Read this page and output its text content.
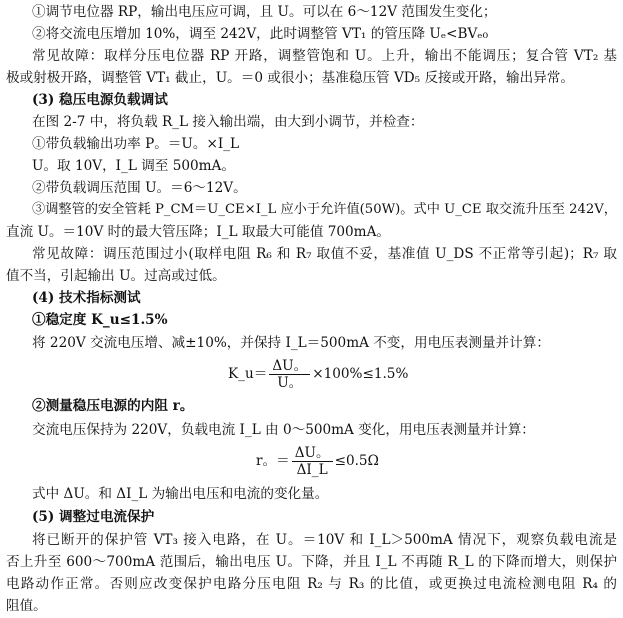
①调节电位器 RP，输出电压应可调，且 U。可以在 6～12V 范围发生变化；
②将交流电压增加 10%，调至 242V，此时调整管 VT₁ 的管压降 Uₑ<BVₑ₀
常见故障：取样分压电位器 RP 开路，调整管饱和 U。上升，输出不能调压；复合管 VT₂ 基
极或射极开路，调整管 VT₁ 截止，U。＝0 或很小；基准稳压管 VD₅ 反接或开路，输出异常。
(3) 稳压电源负载调试
在图 2-7 中，将负载 R_L 接入输出端，由大到小调节，并检查：
①带负载输出功率 P。＝U。×I_L
U。取 10V，I_L 调至 500mA。
②带负载调压范围 U。＝6～12V。
③调整管的安全管耗 P_CM＝U_CE×I_L 应小于允许值(50W)。式中 U_CE 取交流升压至 242V，
直流 U。＝10V 时的最大管压降；I_L 取最大可能值 700mA。
常见故障：调压范围过小(取样电阻 R₆ 和 R₇ 取值不妥，基准值 U_DS 不正常等引起)；R₇ 取
值不当，引起输出 U。过高或过低。
(4) 技术指标测试
①稳定度 K_u≤1.5%
将 220V 交流电压增、减±10%，并保持 I_L＝500mA 不变，用电压表测量并计算：
K_u＝ $\frac{\Delta U。}{U。} \times 100\%\le 1.5\%$
②测量稳压电源的内阻 r。
交流电压保持为 220V，负载电流 I_L 由 0～500mA 变化，用电压表测量并计算：
r。＝ $\frac{\Delta U。}{\Delta I\_L} \le 0.5\Omega$
式中 ΔU。和 ΔI_L 为输出电压和电流的变化量。
(5) 调整过电流保护
将已断开的保护管 VT₃ 接入电路，在 U。＝10V 和 I_L＞500mA 情况下，观察负载电流是
否上升至 600～700mA 范围后，输出电压 U。下降，并且 I_L 不再随 R_L 的下降而增大，则保护
电路动作正常。否则应改变保护电路分压电阻 R₂ 与 R₃ 的比值，或更换过电流检测电阻 R₄ 的
阻值。
